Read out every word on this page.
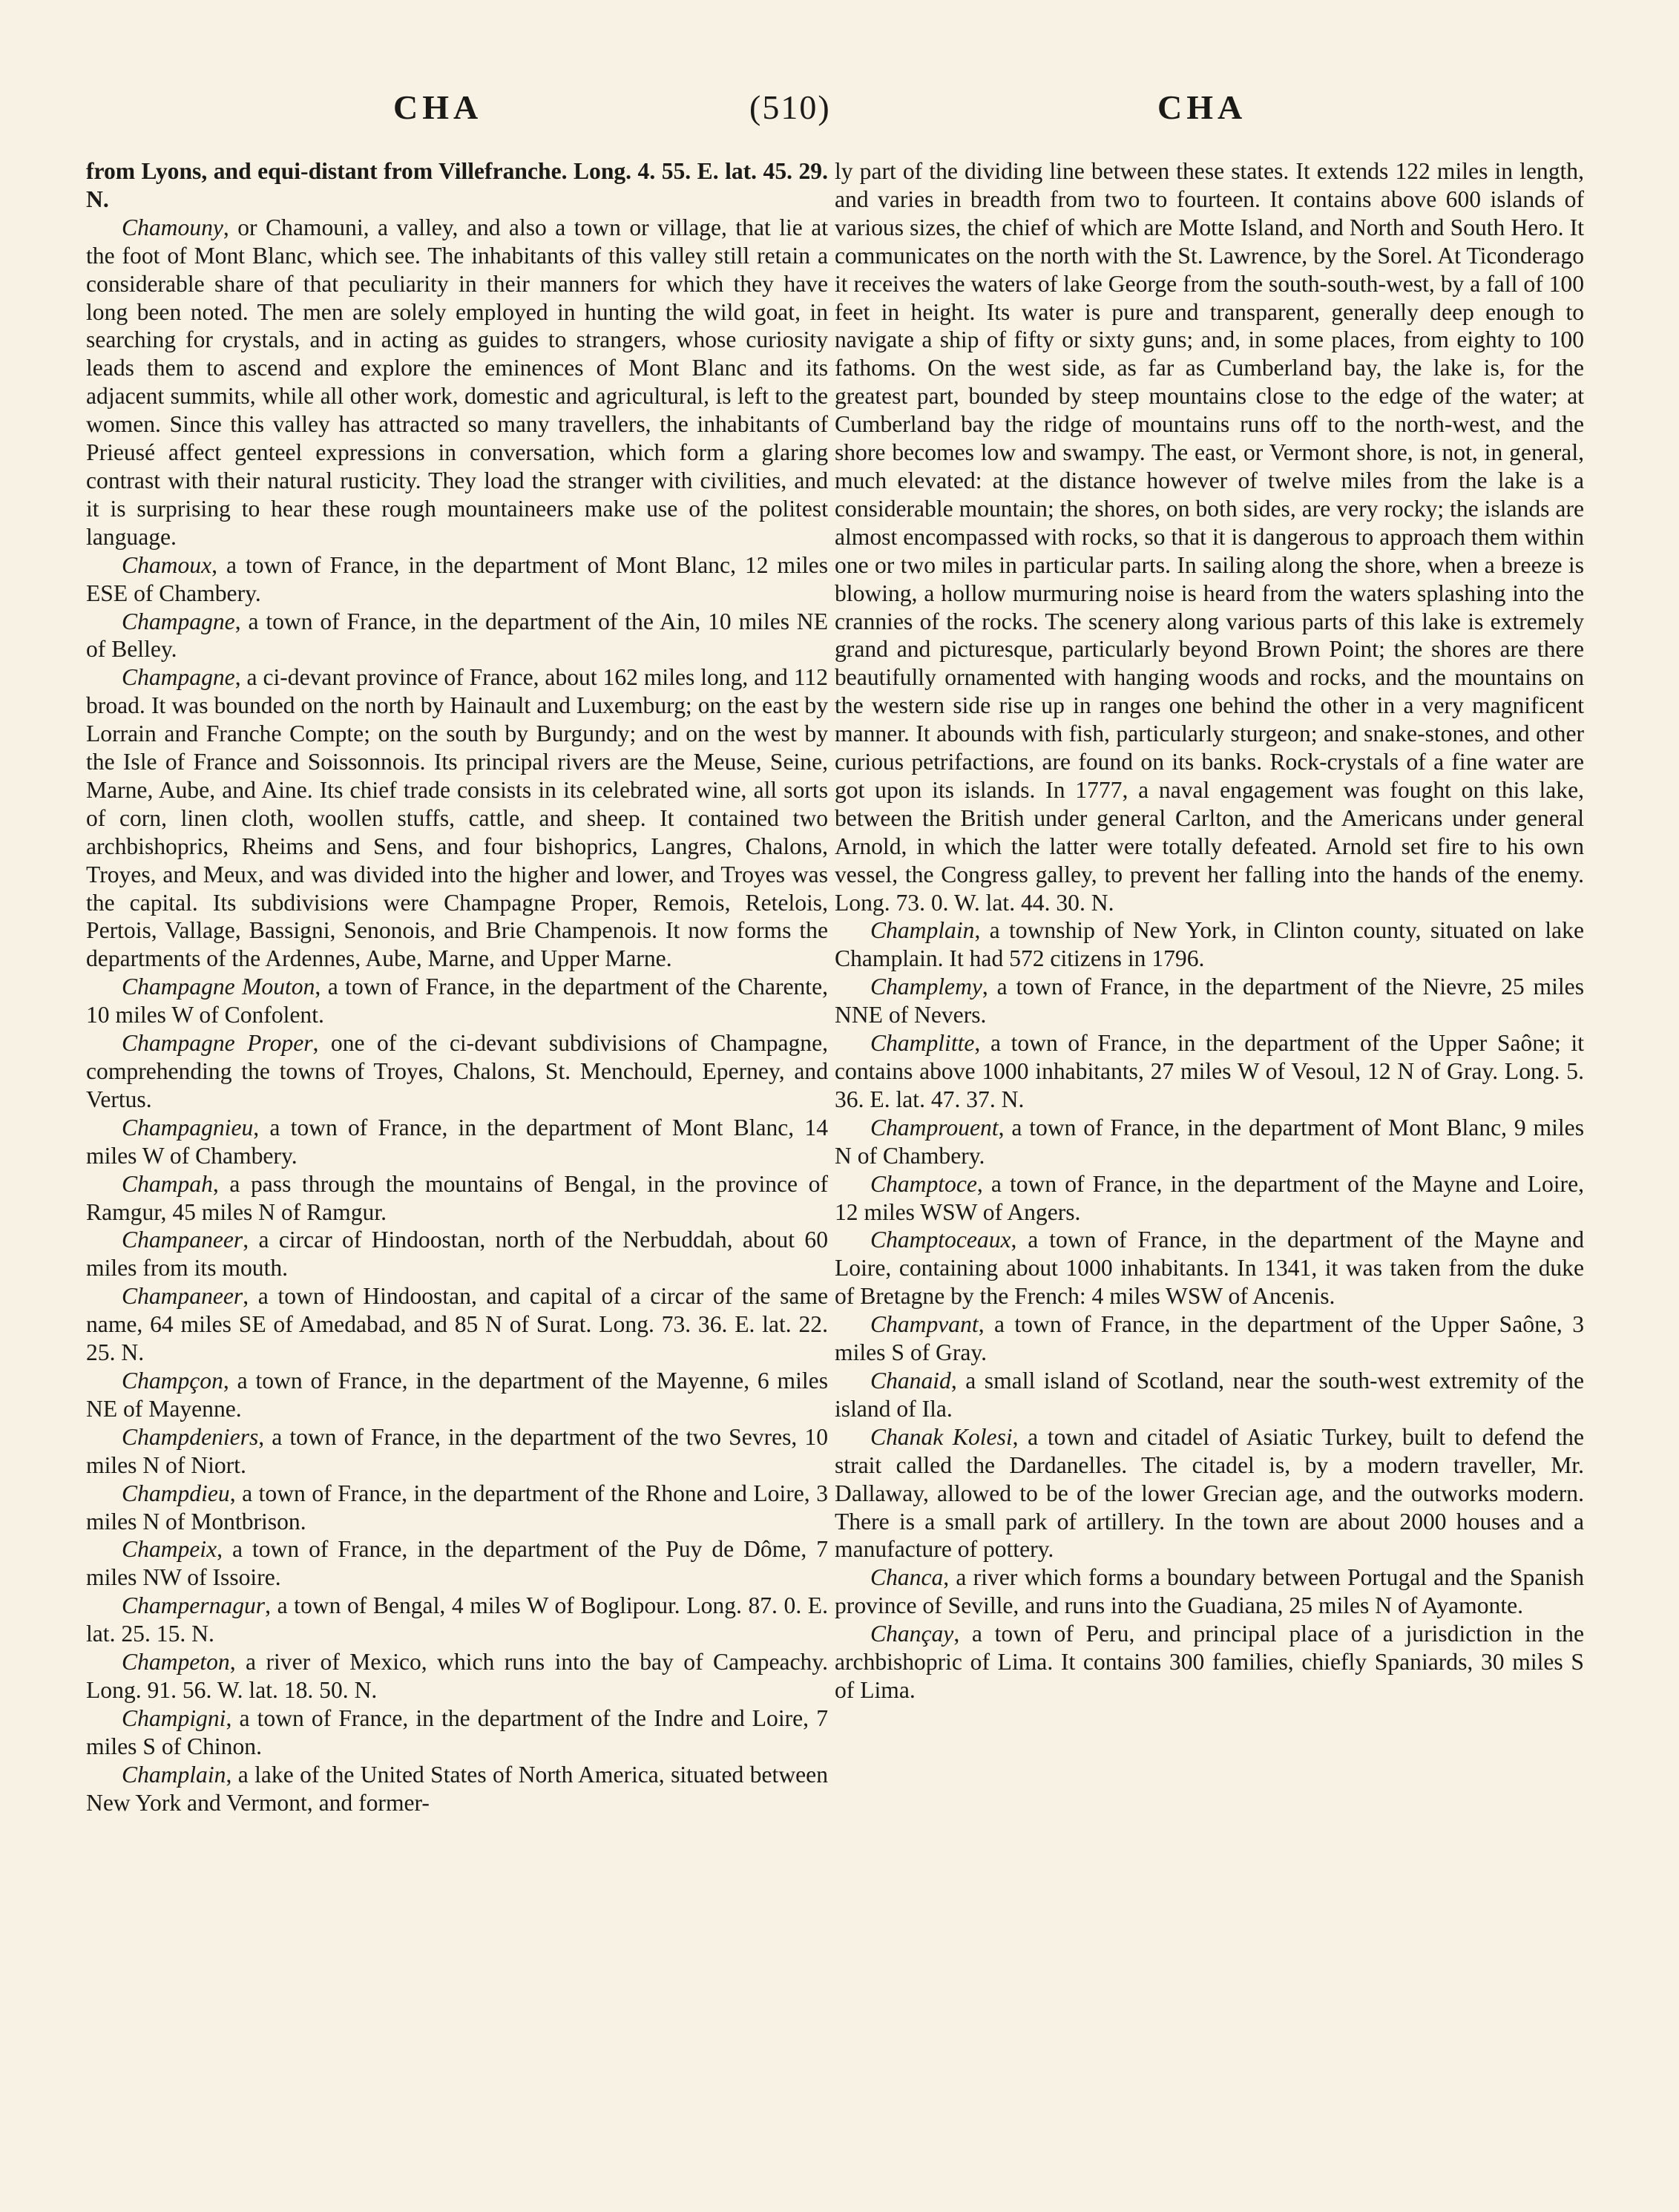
CHA	(510)	CHA

from Lyons, and equi-distant from Villefranche. Long. 4. 55. E. lat. 45. 29. N.

Chamouny, or Chamouni, a valley, and also a town or village, that lie at the foot of Mont Blanc, which see. The inhabitants of this valley still retain a considerable share of that peculiarity in their manners for which they have long been noted. The men are solely employed in hunting the wild goat, in searching for crystals, and in acting as guides to strangers, whose curiosity leads them to ascend and explore the eminences of Mont Blanc and its adjacent summits, while all other work, domestic and agricultural, is left to the women. Since this valley has attracted so many travellers, the inhabitants of Prieusé affect genteel expressions in conversation, which form a glaring contrast with their natural rusticity. They load the stranger with civilities, and it is surprising to hear these rough mountaineers make use of the politest language.

Chamoux, a town of France, in the department of Mont Blanc, 12 miles ESE of Chambery.

Champagne, a town of France, in the department of the Ain, 10 miles NE of Belley.

Champagne, a ci-devant province of France, about 162 miles long, and 112 broad. It was bounded on the north by Hainault and Luxemburg; on the east by Lorrain and Franche Compte; on the south by Burgundy; and on the west by the Isle of France and Soissonnois. Its principal rivers are the Meuse, Seine, Marne, Aube, and Aine. Its chief trade consists in its celebrated wine, all sorts of corn, linen cloth, woollen stuffs, cattle, and sheep. It contained two archbishoprics, Rheims and Sens, and four bishoprics, Langres, Chalons, Troyes, and Meux, and was divided into the higher and lower, and Troyes was the capital. Its subdivisions were Champagne Proper, Remois, Retelois, Pertois, Vallage, Bassigni, Senonois, and Brie Champenois. It now forms the departments of the Ardennes, Aube, Marne, and Upper Marne.

Champagne Mouton, a town of France, in the department of the Charente, 10 miles W of Confolent.

Champagne Proper, one of the ci-devant subdivisions of Champagne, comprehending the towns of Troyes, Chalons, St. Menchould, Eperney, and Vertus.

Champagnieu, a town of France, in the department of Mont Blanc, 14 miles W of Chambery.

Champah, a pass through the mountains of Bengal, in the province of Ramgur, 45 miles N of Ramgur.

Champaneer, a circar of Hindoostan, north of the Nerbuddah, about 60 miles from its mouth.

Champaneer, a town of Hindoostan, and capital of a circar of the same name, 64 miles SE of Amedabad, and 85 N of Surat. Long. 73. 36. E. lat. 22. 25. N.

Champçon, a town of France, in the department of the Mayenne, 6 miles NE of Mayenne.

Champdeniers, a town of France, in the department of the two Sevres, 10 miles N of Niort.

Champdieu, a town of France, in the department of the Rhone and Loire, 3 miles N of Montbrison.

Champeix, a town of France, in the department of the Puy de Dôme, 7 miles NW of Issoire.

Champernagur, a town of Bengal, 4 miles W of Boglipour. Long. 87. 0. E. lat. 25. 15. N.

Champeton, a river of Mexico, which runs into the bay of Campeachy. Long. 91. 56. W. lat. 18. 50. N.

Champigni, a town of France, in the department of the Indre and Loire, 7 miles S of Chinon.

Champlain, a lake of the United States of North America, situated between New York and Vermont, and former-

ly part of the dividing line between these states. It extends 122 miles in length, and varies in breadth from two to fourteen. It contains above 600 islands of various sizes, the chief of which are Motte Island, and North and South Hero. It communicates on the north with the St. Lawrence, by the Sorel. At Ticonderago it receives the waters of lake George from the south-south-west, by a fall of 100 feet in height. Its water is pure and transparent, generally deep enough to navigate a ship of fifty or sixty guns; and, in some places, from eighty to 100 fathoms. On the west side, as far as Cumberland bay, the lake is, for the greatest part, bounded by steep mountains close to the edge of the water; at Cumberland bay the ridge of mountains runs off to the north-west, and the shore becomes low and swampy. The east, or Vermont shore, is not, in general, much elevated: at the distance however of twelve miles from the lake is a considerable mountain; the shores, on both sides, are very rocky; the islands are almost encompassed with rocks, so that it is dangerous to approach them within one or two miles in particular parts. In sailing along the shore, when a breeze is blowing, a hollow murmuring noise is heard from the waters splashing into the crannies of the rocks. The scenery along various parts of this lake is extremely grand and picturesque, particularly beyond Brown Point; the shores are there beautifully ornamented with hanging woods and rocks, and the mountains on the western side rise up in ranges one behind the other in a very magnificent manner. It abounds with fish, particularly sturgeon; and snake-stones, and other curious petrifactions, are found on its banks. Rock-crystals of a fine water are got upon its islands. In 1777, a naval engagement was fought on this lake, between the British under general Carlton, and the Americans under general Arnold, in which the latter were totally defeated. Arnold set fire to his own vessel, the Congress galley, to prevent her falling into the hands of the enemy. Long. 73. 0. W. lat. 44. 30. N.

Champlain, a township of New York, in Clinton county, situated on lake Champlain. It had 572 citizens in 1796.

Champlemy, a town of France, in the department of the Nievre, 25 miles NNE of Nevers.

Champlitte, a town of France, in the department of the Upper Saône; it contains above 1000 inhabitants, 27 miles W of Vesoul, 12 N of Gray. Long. 5. 36. E. lat. 47. 37. N.

Champrouent, a town of France, in the department of Mont Blanc, 9 miles N of Chambery.

Champtoce, a town of France, in the department of the Mayne and Loire, 12 miles WSW of Angers.

Champtoceaux, a town of France, in the department of the Mayne and Loire, containing about 1000 inhabitants. In 1341, it was taken from the duke of Bretagne by the French: 4 miles WSW of Ancenis.

Champvant, a town of France, in the department of the Upper Saône, 3 miles S of Gray.

Chanaid, a small island of Scotland, near the south-west extremity of the island of Ila.

Chanak Kolesi, a town and citadel of Asiatic Turkey, built to defend the strait called the Dardanelles. The citadel is, by a modern traveller, Mr. Dallaway, allowed to be of the lower Grecian age, and the outworks modern. There is a small park of artillery. In the town are about 2000 houses and a manufacture of pottery.

Chanca, a river which forms a boundary between Portugal and the Spanish province of Seville, and runs into the Guadiana, 25 miles N of Ayamonte.

Chançay, a town of Peru, and principal place of a jurisdiction in the archbishopric of Lima. It contains 300 families, chiefly Spaniards, 30 miles S of Lima.
